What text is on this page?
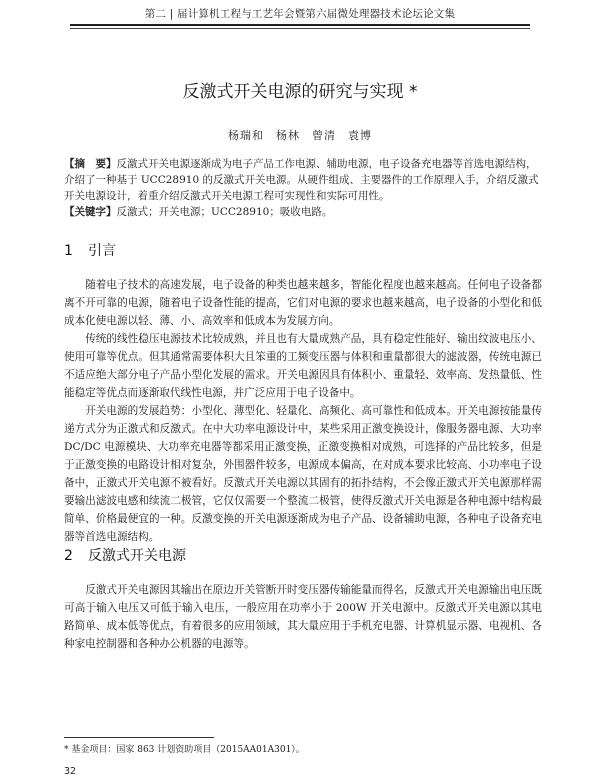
第二 | 届计算机工程与工艺年会暨第六届微处理器技术论坛论文集
反激式开关电源的研究与实现 *
杨瑞和　杨林　曾清　袁博
【摘　要】反激式开关电源逐渐成为电子产品工作电源、辅助电源，电子设备充电器等首选电源结构，介绍了一种基于 UCC28910 的反激式开关电源。从硬件组成、主要器件的工作原理入手，介绍反激式开关电源设计，着重介绍反激式开关电源工程可实现性和实际可用性。
【关键字】反激式；开关电源；UCC28910；吸收电路。
1 引言

随着电子技术的高速发展，电子设备的种类也越来越多，智能化程度也越来越高。任何电子设备都离不开可靠的电源，随着电子设备性能的提高，它们对电源的要求也越来越高，电子设备的小型化和低成本化使电源以轻、薄、小、高效率和低成本为发展方向。

传统的线性稳压电源技术比较成熟，并且也有大量成熟产品，具有稳定性能好、输出纹波电压小、使用可靠等优点。但其通常需要体积大且笨重的工频变压器与体积和重量都很大的滤波器，传统电源已不适应绝大部分电子产品小型化发展的需求。开关电源因具有体积小、重量轻、效率高、发热量低、性能稳定等优点而逐渐取代线性电源，并广泛应用于电子设备中。

开关电源的发展趋势：小型化、薄型化、轻量化、高频化、高可靠性和低成本。开关电源按能量传递方式分为正激式和反激式。在中大功率电源设计中，某些采用正激变换设计，像服务器电源、大功率 DC/DC 电源模块、大功率充电器等都采用正激变换，正激变换相对成熟，可选择的产品比较多，但是于正激变换的电路设计相对复杂，外围器件较多，电源成本偏高，在对成本要求比较高、小功率电子设备中，正激式开关电源不被看好。反激式开关电源以其固有的拓扑结构，不会像正激式开关电源那样需要输出滤波电感和续流二极管，它仅仅需要一个整流二极管，使得反激式开关电源是各种电源中结构最简单、价格最便宜的一种。反激变换的开关电源逐渐成为电子产品、设备辅助电源，各种电子设备充电器等首选电源结构。

2 反激式开关电源

反激式开关电源因其输出在原边开关管断开时变压器传输能量而得名，反激式开关电源输出电压既可高于输入电压又可低于输入电压，一般应用在功率小于 200W 开关电源中。反激式开关电源以其电路简单、成本低等优点，有着很多的应用领域，其大量应用于手机充电器、计算机显示器、电视机、各种家电控制器和各种办公机器的电源等。

* 基金项目：国家 863 计划资助项目（2015AA01A301）。
32
